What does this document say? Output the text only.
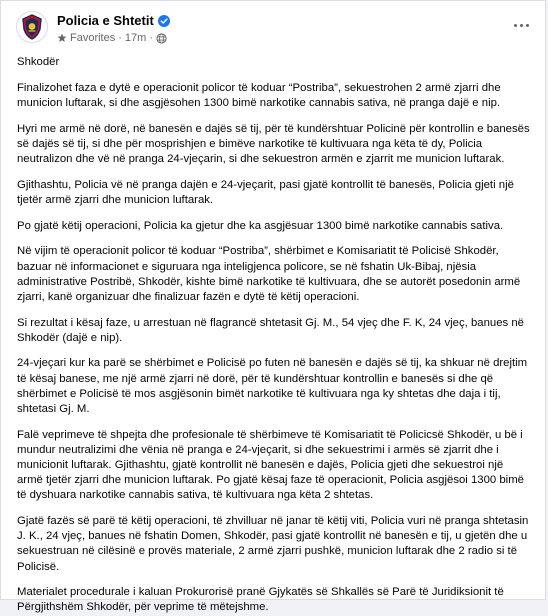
Policia e Shtetit
Favorites · 17m ·

Shkodër

Finalizohet faza e dytë e operacionit policor të koduar “Postriba”, sekuestrohen 2 armë zjarri dhe municion luftarak, si dhe asgjësohen 1300 bimë narkotike cannabis sativa, në pranga dajë e nip.

Hyri me armë në dorë, në banesën e dajës së tij, për të kundërshtuar Policinë për kontrollin e banesës së dajës së tij, si dhe për mosprishjen e bimëve narkotike të kultivuara nga këta të dy, Policia neutralizon dhe vë në pranga 24-vjeçarin, si dhe sekuestron armën e zjarrit me municion luftarak.

Gjithashtu, Policia vë në pranga dajën e 24-vjeçarit, pasi gjatë kontrollit të banesës, Policia gjeti një tjetër armë zjarri dhe municion luftarak.

Po gjatë këtij operacioni, Policia ka gjetur dhe ka asgjësuar 1300 bimë narkotike cannabis sativa.

Në vijim të operacionit policor të koduar “Postriba”, shërbimet e Komisariatit të Policisë Shkodër, bazuar në informacionet e siguruara nga inteligjenca policore, se në fshatin Uk-Bibaj, njësia administrative Postribë, Shkodër, kishte bimë narkotike të kultivuara, dhe se autorët posedonin armë zjarri, kanë organizuar dhe finalizuar fazën e dytë të këtij operacioni.

Si rezultat i kësaj faze, u arrestuan në flagrancë shtetasit Gj. M., 54 vjeç dhe F. K, 24 vjeç, banues në Shkodër (dajë e nip).

24-vjeçari kur ka parë se shërbimet e Policisë po futen në banesën e dajës së tij, ka shkuar në drejtim të kësaj banese, me një armë zjarri në dorë, për të kundërshtuar kontrollin e banesës si dhe që shërbimet e Policisë të mos asgjësonin bimët narkotike të kultivuara nga ky shtetas dhe daja i tij, shtetasi Gj. M.

Falë veprimeve të shpejta dhe profesionale të shërbimeve të Komisariatit të Policicsë Shkodër, u bë i mundur neutralizimi dhe vënia në pranga e 24-vjeçarit, si dhe sekuestrimi i armës së zjarrit dhe i municionit luftarak. Gjithashtu, gjatë kontrollit në banesën e dajës, Policia gjeti dhe sekuestroi një armë tjetër zjarri dhe municion luftarak. Po gjatë kësaj faze të operacionit, Policia asgjësoi 1300 bimë të dyshuara narkotike cannabis sativa, të kultivuara nga këta 2 shtetas.

Gjatë fazës së parë të këtij operacioni, të zhvilluar në janar të këtij viti, Policia vuri në pranga shtetasin J. K., 24 vjeç, banues në fshatin Domen, Shkodër, pasi gjatë kontrollit në banesën e tij, u gjetën dhe u sekuestruan në cilësinë e provës materiale, 2 armë zjarri pushkë, municion luftarak dhe 2 radio si të Policisë.

Materialet procedurale i kaluan Prokurorisë pranë Gjykatës së Shkallës së Parë të Juridiksionit të Përgjithshëm Shkodër, për veprime të mëtejshme.
